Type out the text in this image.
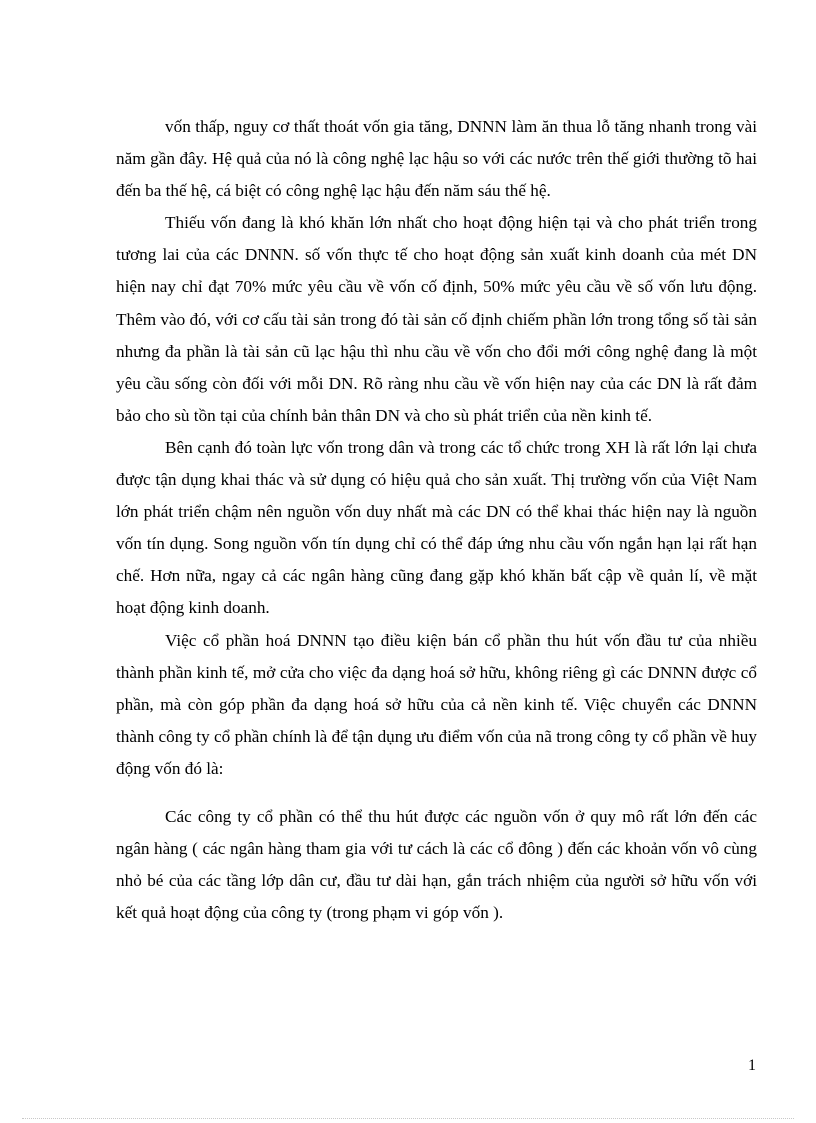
vốn thấp, nguy cơ thất thoát vốn gia tăng, DNNN làm ăn thua lỗ tăng nhanh trong vài năm gần đây. Hệ quả của nó là công nghệ lạc hậu so với các nước trên thế giới thường tõ hai đến ba thế hệ, cá biệt có công nghệ lạc hậu đến năm sáu thế hệ.

Thiếu vốn đang là khó khăn lớn nhất cho hoạt động hiện tại và cho phát triển trong tương lai của các DNNN. số vốn thực tế cho hoạt động sản xuất kinh doanh của mét DN hiện nay chỉ đạt 70% mức yêu cầu về vốn cố định, 50% mức yêu cầu về số vốn lưu động. Thêm vào đó, với cơ cấu tài sản trong đó tài sản cố định chiếm phần lớn trong tổng số tài sản nhưng đa phần là tài sản cũ lạc hậu thì nhu cầu về vốn cho đổi mới công nghệ đang là một yêu cầu sống còn đối với mỗi DN. Rõ ràng nhu cầu về vốn hiện nay của các DN là rất đảm bảo cho sù tồn tại của chính bản thân DN và cho sù phát triển của nền kinh tế.

Bên cạnh đó toàn lực vốn trong dân và trong các tổ chức trong XH là rất lớn lại chưa được tận dụng khai thác và sử dụng có hiệu quả cho sản xuất. Thị trường vốn của Việt Nam lớn phát triển chậm nên nguồn vốn duy nhất mà các DN có thể khai thác hiện nay là nguồn vốn tín dụng. Song nguồn vốn tín dụng chỉ có thể đáp ứng nhu cầu vốn ngắn hạn lại rất hạn chế. Hơn nữa, ngay cả các ngân hàng cũng đang gặp khó khăn bất cập về quản lí, về mặt hoạt động kinh doanh.

Việc cổ phần hoá DNNN tạo điều kiện bán cổ phần thu hút vốn đầu tư của nhiều thành phần kinh tế, mở cửa cho việc đa dạng hoá sở hữu, không riêng gì các DNNN được cổ phần, mà còn góp phần đa dạng hoá sở hữu của cả nền kinh tế. Việc chuyển các DNNN thành công ty cổ phần chính là để tận dụng ưu điểm vốn của nã trong công ty cổ phần về huy động vốn đó là:

Các công ty cổ phần có thể thu hút được các nguồn vốn ở quy mô rất lớn đến các ngân hàng ( các ngân hàng tham gia với tư cách là các cổ đông ) đến các khoản vốn vô cùng nhỏ bé của các tầng lớp dân cư, đầu tư dài hạn, gắn trách nhiệm của người sở hữu vốn với kết quả hoạt động của công ty (trong phạm vi góp vốn ).

1
